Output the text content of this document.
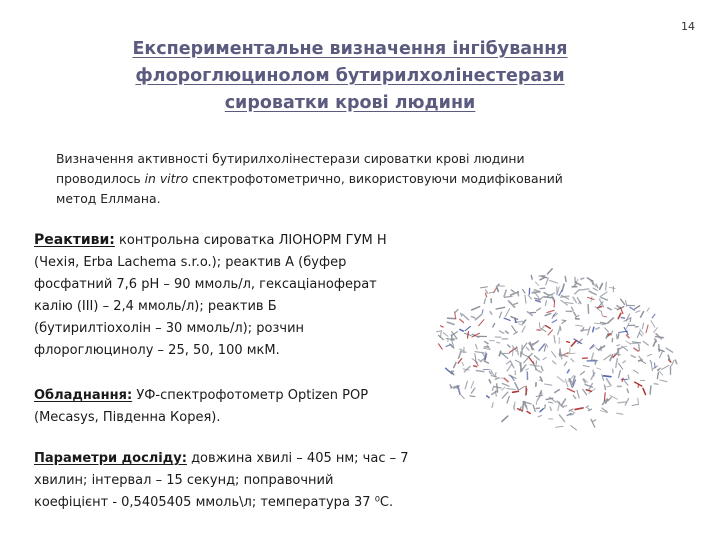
14
Експериментальне визначення інгібування
флороглюцинолом бутирилхолінестерази
сироватки крові людини
Визначення активності бутирилхолінестерази сироватки крові людини
проводилось in vitro спектрофотометрично, використовуючи модифікований
метод Еллмана.
Реактиви: контрольна сироватка ЛІОНОРМ ГУМ Н
(Чехія, Erba Lachema s.r.o.); реактив А (буфер
фосфатний 7,6 рН – 90 ммоль/л, гексаціаноферат
калію (ІІІ) – 2,4 ммоль/л); реактив Б
(бутирилтіохолін – 30 ммоль/л); розчин
флороглюцинолу – 25, 50, 100 мкМ.
Обладнання: УФ-спектрофотометр Optizen POP
(Mecasys, Південна Корея).
Параметри досліду: довжина хвилі – 405 нм; час – 7
хвилин; інтервал – 15 секунд; поправочний
коефіцієнт - 0,5405405 ммоль\л; температура 37 ⁰С.
